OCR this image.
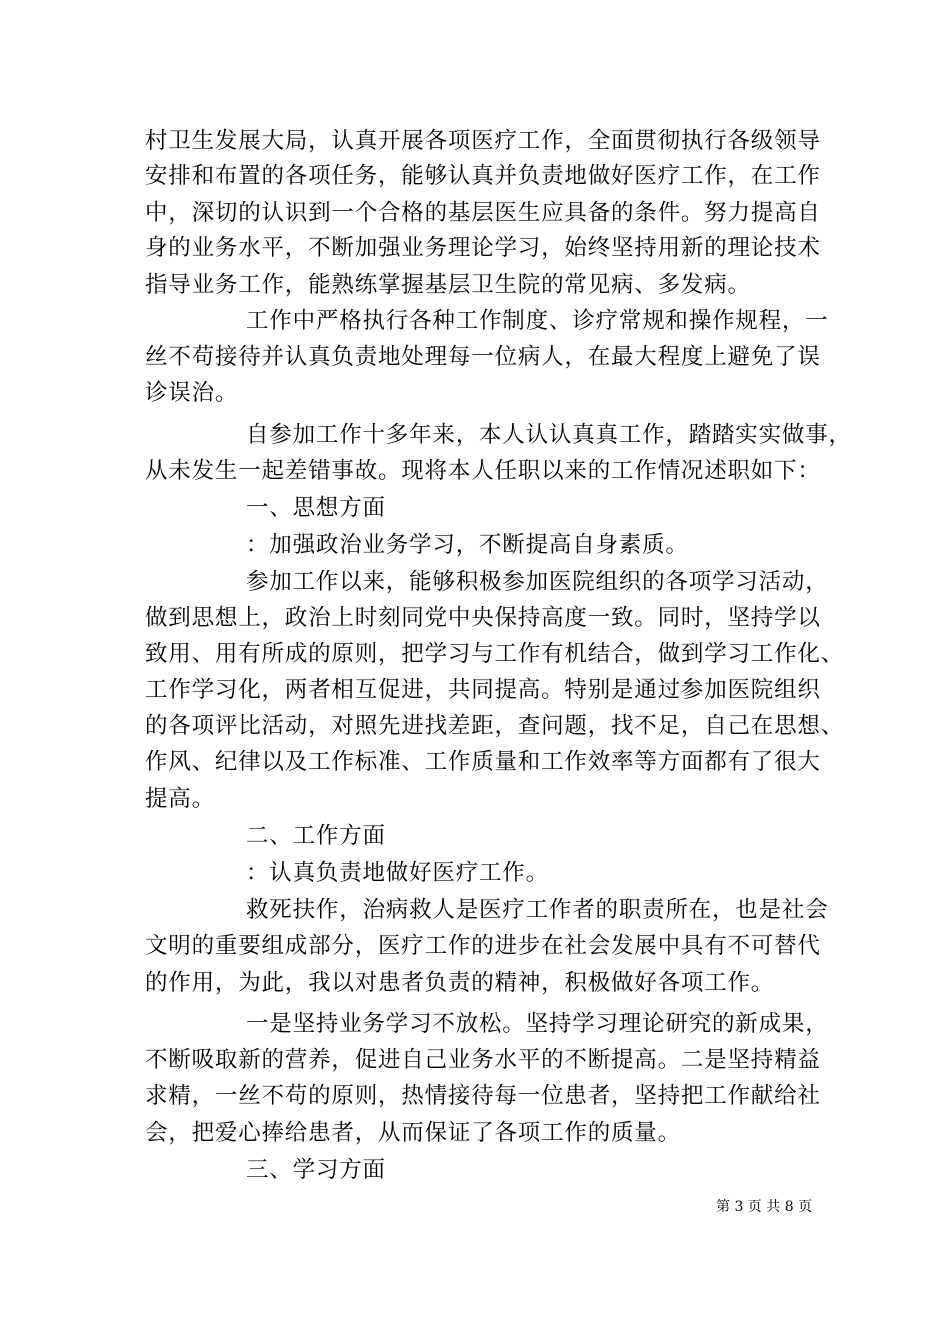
村卫生发展大局，认真开展各项医疗工作，全面贯彻执行各级领导
安排和布置的各项任务，能够认真并负责地做好医疗工作，在工作
中，深切的认识到一个合格的基层医生应具备的条件。努力提高自
身的业务水平，不断加强业务理论学习，始终坚持用新的理论技术
指导业务工作，能熟练掌握基层卫生院的常见病、多发病。
工作中严格执行各种工作制度、诊疗常规和操作规程，一
丝不苟接待并认真负责地处理每一位病人，在最大程度上避免了误
诊误治。
自参加工作十多年来，本人认认真真工作，踏踏实实做事，
从未发生一起差错事故。现将本人任职以来的工作情况述职如下：
一、思想方面
：加强政治业务学习，不断提高自身素质。
参加工作以来，能够积极参加医院组织的各项学习活动，
做到思想上，政治上时刻同党中央保持高度一致。同时，坚持学以
致用、用有所成的原则，把学习与工作有机结合，做到学习工作化、
工作学习化，两者相互促进，共同提高。特别是通过参加医院组织
的各项评比活动，对照先进找差距，查问题，找不足，自己在思想、
作风、纪律以及工作标准、工作质量和工作效率等方面都有了很大
提高。
二、工作方面
：认真负责地做好医疗工作。
救死扶作，治病救人是医疗工作者的职责所在，也是社会
文明的重要组成部分，医疗工作的进步在社会发展中具有不可替代
的作用，为此，我以对患者负责的精神，积极做好各项工作。
一是坚持业务学习不放松。坚持学习理论研究的新成果，
不断吸取新的营养，促进自己业务水平的不断提高。二是坚持精益
求精，一丝不苟的原则，热情接待每一位患者，坚持把工作献给社
会，把爱心捧给患者，从而保证了各项工作的质量。
三、学习方面
第 3 页 共 8 页
